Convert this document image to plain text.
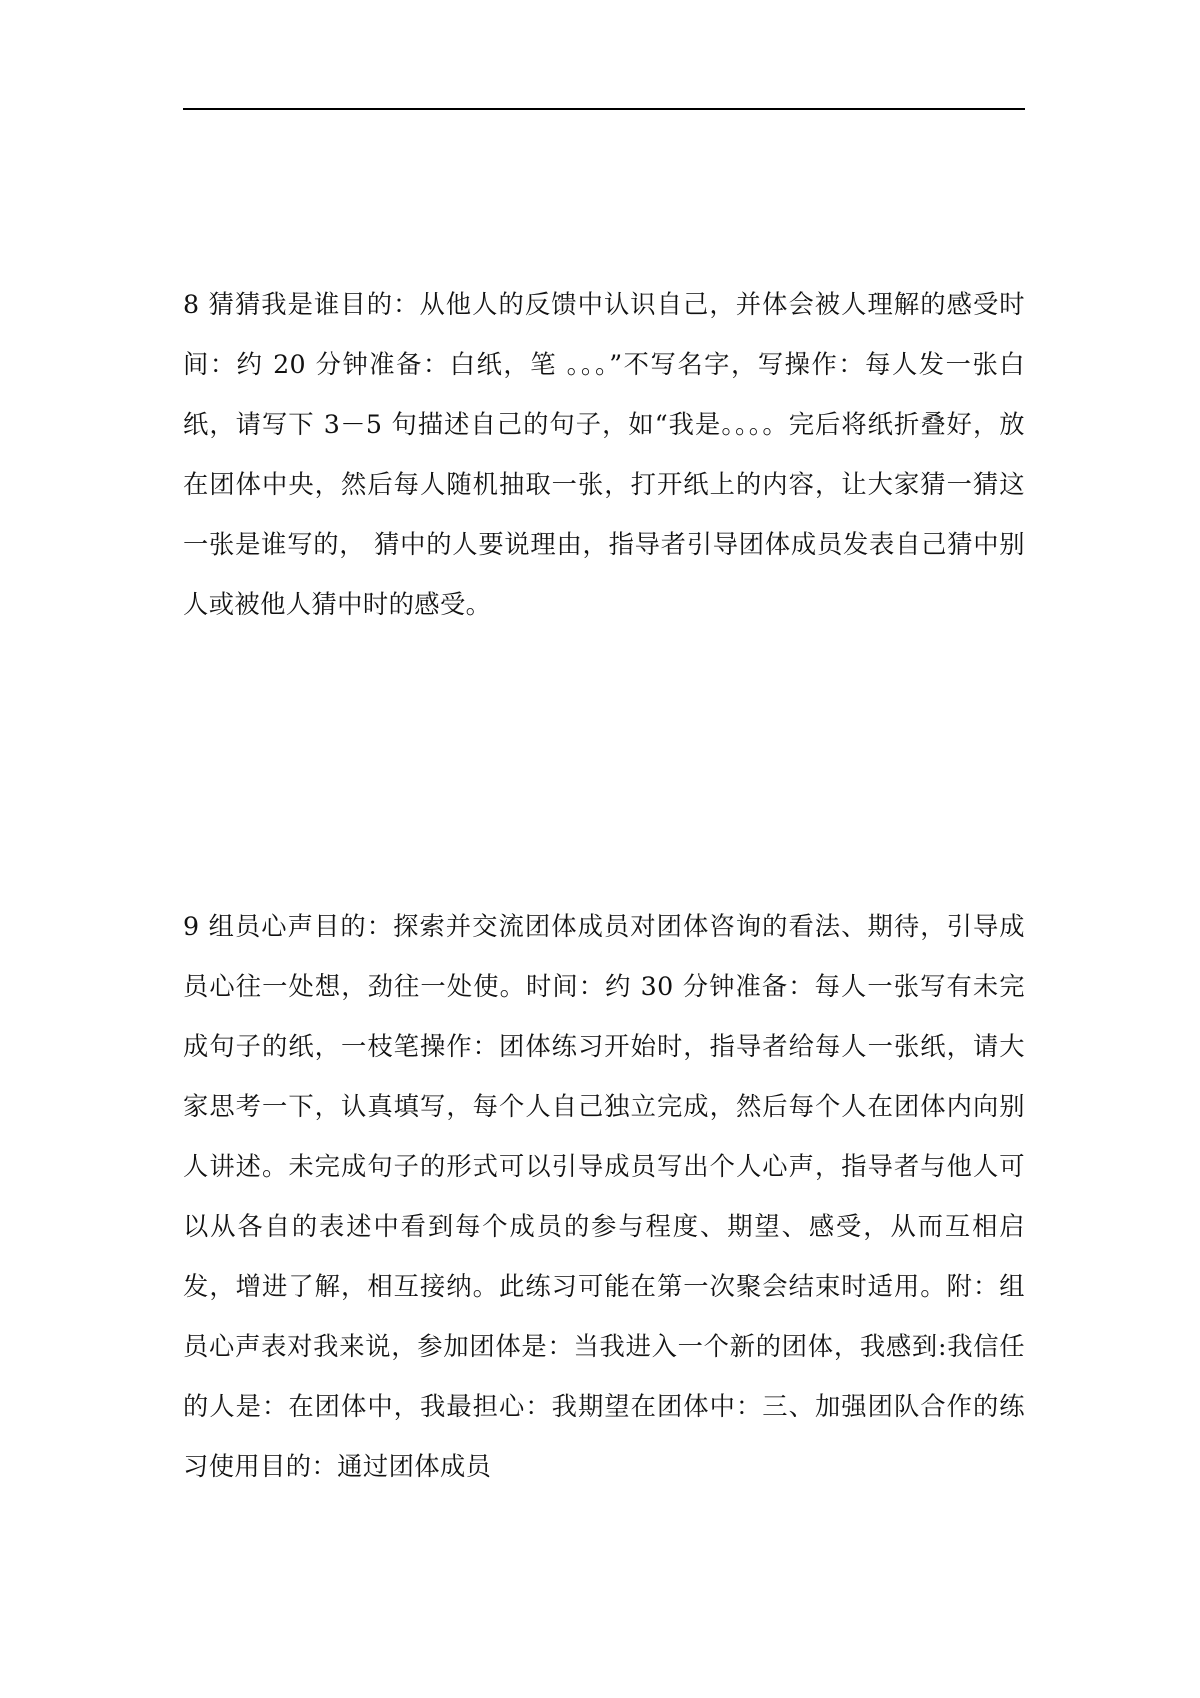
8 猜猜我是谁目的：从他人的反馈中认识自己，并体会被人理解的感受时间：约 20 分钟准备：白纸，笔 。。。”不写名字，写操作：每人发一张白纸，请写下 3－5 句描述自己的句子，如“我是。。。。完后将纸折叠好，放在团体中央，然后每人随机抽取一张，打开纸上的内容，让大家猜一猜这一张是谁写的， 猜中的人要说理由，指导者引导团体成员发表自己猜中别人或被他人猜中时的感受。

9 组员心声目的：探索并交流团体成员对团体咨询的看法、期待，引导成员心往一处想，劲往一处使。时间：约 30 分钟准备：每人一张写有未完成句子的纸，一枝笔操作：团体练习开始时，指导者给每人一张纸，请大家思考一下，认真填写，每个人自己独立完成，然后每个人在团体内向别人讲述。未完成句子的形式可以引导成员写出个人心声，指导者与他人可以从各自的表述中看到每个成员的参与程度、期望、感受，从而互相启发，增进了解，相互接纳。此练习可能在第一次聚会结束时适用。附：组员心声表对我来说，参加团体是：当我进入一个新的团体，我感到:我信任的人是：在团体中，我最担心：我期望在团体中：三、加强团队合作的练习使用目的：通过团体成员
